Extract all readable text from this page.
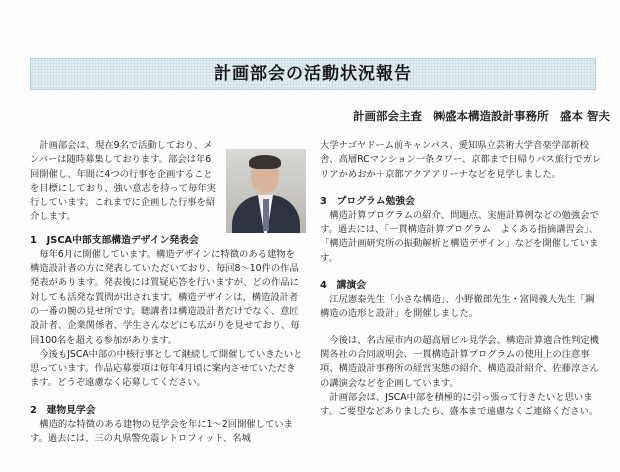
計画部会の活動状況報告
計画部会主査　㈱盛本構造設計事務所　盛本 智夫

計画部会は、現在9名で活動しており、メンバーは随時募集しております。部会は年6回開催し、年間に4つの行事を企画することを目標にしており、強い意志を持って毎年実行しています。これまでに企画した行事を紹介します。

1　JSCA中部支部構造デザイン発表会

毎年6月に開催しています。構造デザインに特徴のある建物を構造設計者の方に発表していただいており、毎回8〜10件の作品発表があります。発表後には質疑応答を行いますが、どの作品に対しても活発な質問が出されます。構造デザインは、構造設計者の一番の腕の見せ所です。聴講者は構造設計者だけでなく、意匠設計者、企業関係者、学生さんなどにも広がりを見せており、毎回100名を超える参加があります。

今後もJSCA中部の中核行事として継続して開催していきたいと思っています。作品応募要項は毎年4月頃に案内させていただきます。どうぞ遠慮なく応募してください。

2　建物見学会

構造的な特徴のある建物の見学会を年に1〜2回開催しています。過去には、三の丸県警免震レトロフィット、名城

大学ナゴヤドーム前キャンパス、愛知県立芸術大学音楽学部新校舎、高層RCマンション一条タワー、京都まで日帰りバス旅行でガレリアかめおか＋京都アクアアリーナなどを見学しました。

3　プログラム勉強会

構造計算プログラムの紹介、問題点、実施計算例などの勉強会です。過去には、「一貫構造計算プログラム　よくある指摘講習会」、「構造計画研究所の振動解析と構造デザイン」などを開催しています。

4　講演会

江尻憲泰先生「小さな構造」、小野徹郎先生・富岡義人先生「鋼構造の造形と設計」を開催しました。

今後は、名古屋市内の超高層ビル見学会、構造計算適合性判定機関各社の合同説明会、一貫構造計算プログラムの使用上の注意事項、構造設計事務所の経営実態の紹介、構造設計紹介、佐藤淳さんの講演会などを企画しています。

計画部会は、JSCA中部を積極的に引っ張って行きたいと思います。ご要望などありましたら、盛本まで遠慮なくご連絡ください。
